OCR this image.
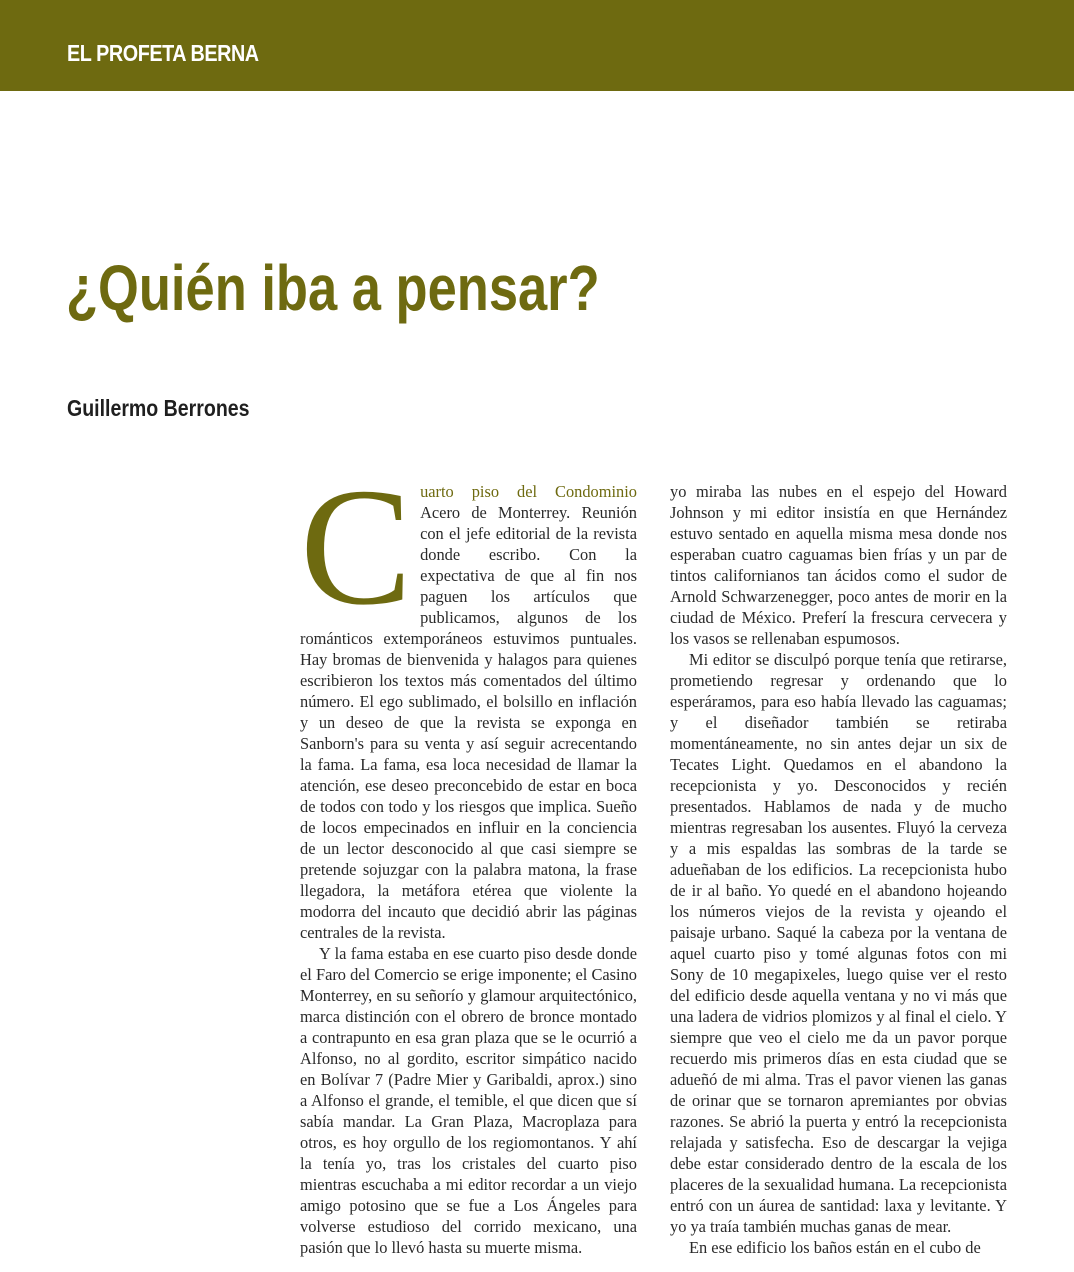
EL PROFETA BERNA
¿Quién iba a pensar?
Guillermo Berrones

Cuarto piso del Condominio Acero de Monterrey. Reunión con el jefe editorial de la revista donde escribo. Con la expectativa de que al fin nos paguen los artículos que publicamos, algunos de los románticos extemporáneos estuvimos puntuales. Hay bromas de bienvenida y halagos para quienes escribieron los textos más comentados del último número. El ego sublimado, el bolsillo en inflación y un deseo de que la revista se exponga en Sanborn's para su venta y así seguir acrecentando la fama. La fama, esa loca necesidad de llamar la atención, ese deseo preconcebido de estar en boca de todos con todo y los riesgos que implica. Sueño de locos empecinados en influir en la conciencia de un lector desconocido al que casi siempre se pretende sojuzgar con la palabra matona, la frase llegadora, la metáfora etérea que violente la modorra del incauto que decidió abrir las páginas centrales de la revista.

Y la fama estaba en ese cuarto piso desde donde el Faro del Comercio se erige imponente; el Casino Monterrey, en su señorío y glamour arquitectónico, marca distinción con el obrero de bronce montado a contrapunto en esa gran plaza que se le ocurrió a Alfonso, no al gordito, escritor simpático nacido en Bolívar 7 (Padre Mier y Garibaldi, aprox.) sino a Alfonso el grande, el temible, el que dicen que sí sabía mandar. La Gran Plaza, Macroplaza para otros, es hoy orgullo de los regiomontanos. Y ahí la tenía yo, tras los cristales del cuarto piso mientras escuchaba a mi editor recordar a un viejo amigo potosino que se fue a Los Ángeles para volverse estudioso del corrido mexicano, una pasión que lo llevó hasta su muerte misma.

yo miraba las nubes en el espejo del Howard Johnson y mi editor insistía en que Hernández estuvo sentado en aquella misma mesa donde nos esperaban cuatro caguamas bien frías y un par de tintos californianos tan ácidos como el sudor de Arnold Schwarzenegger, poco antes de morir en la ciudad de México. Preferí la frescura cervecera y los vasos se rellenaban espumosos.

Mi editor se disculpó porque tenía que retirarse, prometiendo regresar y ordenando que lo esperáramos, para eso había llevado las caguamas; y el diseñador también se retiraba momentáneamente, no sin antes dejar un six de Tecates Light. Quedamos en el abandono la recepcionista y yo. Desconocidos y recién presentados. Hablamos de nada y de mucho mientras regresaban los ausentes. Fluyó la cerveza y a mis espaldas las sombras de la tarde se adueñaban de los edificios. La recepcionista hubo de ir al baño. Yo quedé en el abandono hojeando los números viejos de la revista y ojeando el paisaje urbano. Saqué la cabeza por la ventana de aquel cuarto piso y tomé algunas fotos con mi Sony de 10 megapixeles, luego quise ver el resto del edificio desde aquella ventana y no vi más que una ladera de vidrios plomizos y al final el cielo. Y siempre que veo el cielo me da un pavor porque recuerdo mis primeros días en esta ciudad que se adueñó de mi alma. Tras el pavor vienen las ganas de orinar que se tornaron apremiantes por obvias razones. Se abrió la puerta y entró la recepcionista relajada y satisfecha. Eso de descargar la vejiga debe estar considerado dentro de la escala de los placeres de la sexualidad humana. La recepcionista entró con un áurea de santidad: laxa y levitante. Y yo ya traía también muchas ganas de mear.

En ese edificio los baños están en el cubo de
